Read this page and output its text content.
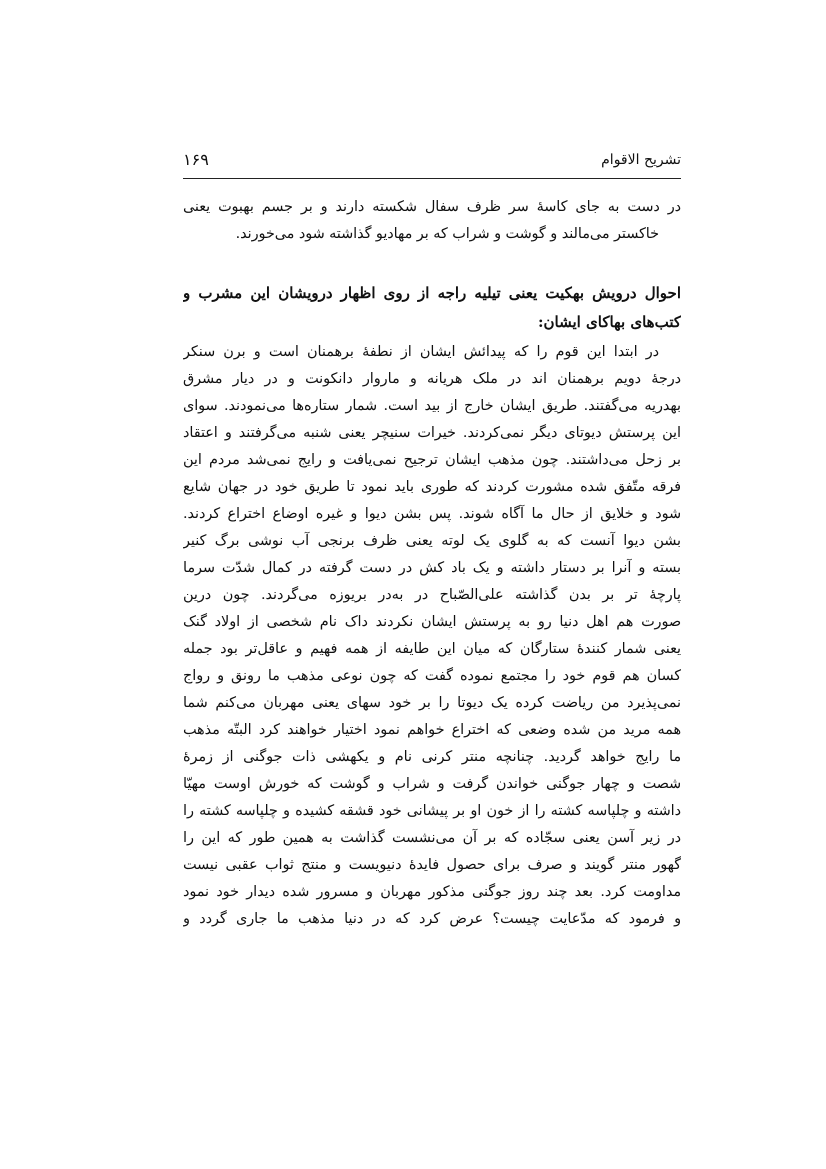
تشریح الاقوام
۱۶۹
در دست به جای کاسهٔ سر ظرف سفال شکسته دارند و بر جسم بهبوت یعنی
خاکستر می‌مالند و گوشت و شراب که بر مهادیو گذاشته شود می‌خورند.
احوال درویش بهکیت یعنی تیلیه راجه از روی اظهار درویشان این مشرب و
کتب‌های بهاکای ایشان:
در ابتدا این قوم را که پیدائش ایشان از نطفهٔ برهمنان است و برن سنکر
درجهٔ دویم برهمنان اند در ملک هریانه و ماروار دانکونت و در دیار مشرق
بهدریه می‌گفتند. طریق ایشان خارج از بید است. شمار ستاره‌ها می‌نمودند. سوای
این پرستش دیوتای دیگر نمی‌کردند. خیرات سنیچر یعنی شنبه می‌گرفتند و اعتقاد
بر زحل می‌داشتند. چون مذهب ایشان ترجیح نمی‌یافت و رایج نمی‌شد مردم این
فرقه متّفق شده مشورت کردند که طوری باید نمود تا طریق خود در جهان شایع
شود و خلایق از حال ما آگاه شوند. پس بشن دیوا و غیره اوضاع اختراع کردند.
بشن دیوا آنست که به گلوی یک لوته یعنی ظرف برنجی آب نوشی برگ کنیر
بسته و آنرا بر دستار داشته و یک باد کش در دست گرفته در کمال شدّت سرما
پارچهٔ تر بر بدن گذاشته علی‌الصّباح در به‌در بریوزه می‌گردند. چون درین
صورت هم اهل دنیا رو به پرستش ایشان نکردند داک نام شخصی از اولاد گنک
یعنی شمار کنندهٔ ستارگان که میان این طایفه از همه فهیم و عاقل‌تر بود جمله
کسان هم قوم خود را مجتمع نموده گفت که چون نوعی مذهب ما رونق و رواج
نمی‌پذیرد من ریاضت کرده یک دیوتا را بر خود سهای یعنی مهربان می‌کنم شما
همه مرید من شده وضعی که اختراع خواهم نمود اختیار خواهند کرد البتّه مذهب
ما رایج خواهد گردید. چنانچه منتر کرنی نام و یکهشی ذات جوگنی از زمرهٔ
شصت و چهار جوگنی خواندن گرفت و شراب و گوشت که خورش اوست مهیّا
داشته و چلپاسه کشته را از خون او بر پیشانی خود قشقه کشیده و چلپاسه کشته را
در زیر آسن یعنی سجّاده که بر آن می‌نشست گذاشت به همین طور که این را
گهور منتر گویند و صرف برای حصول فایدهٔ دنیویست و منتج ثواب عقبی نیست
مداومت کرد. بعد چند روز جوگنی مذکور مهربان و مسرور شده دیدار خود نمود
و فرمود که مدّعایت چیست؟ عرض کرد که در دنیا مذهب ما جاری گردد و
